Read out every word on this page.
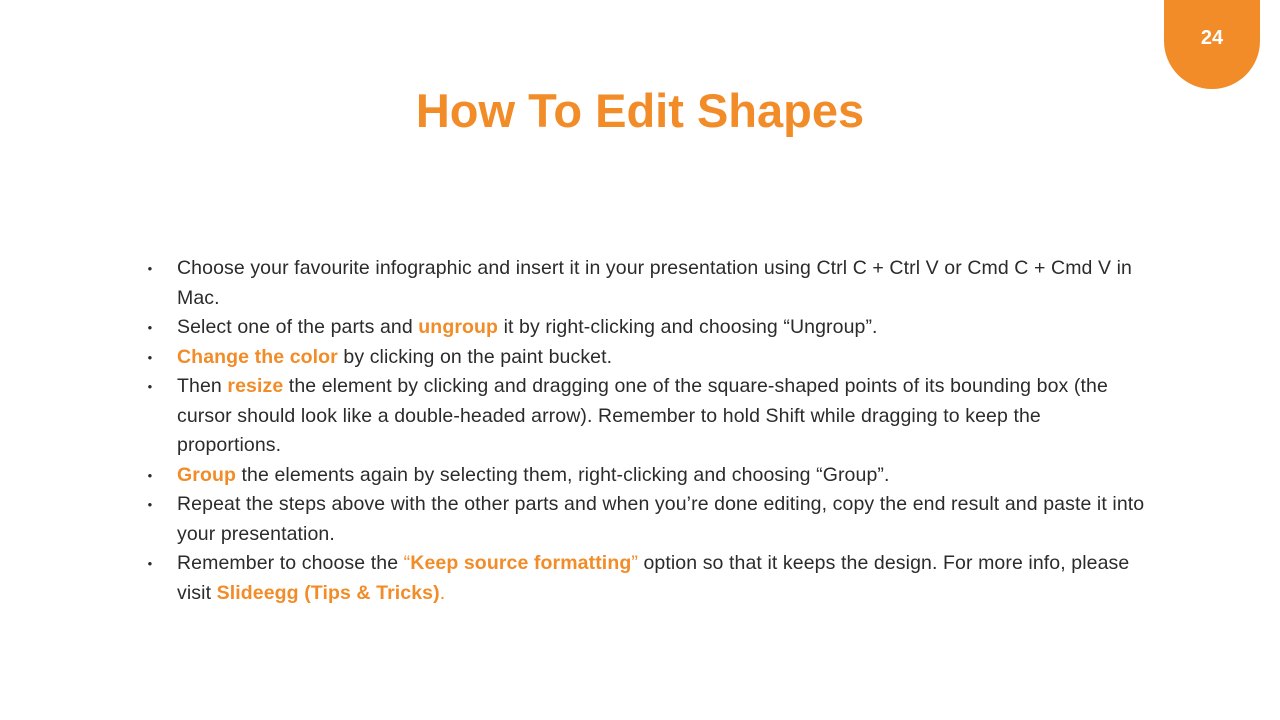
24
How To Edit Shapes
• Choose your favourite infographic and insert it in your presentation using Ctrl C + Ctrl V or Cmd C + Cmd V in Mac.
• Select one of the parts and ungroup it by right-clicking and choosing “Ungroup”.
• Change the color by clicking on the paint bucket.
• Then resize the element by clicking and dragging one of the square-shaped points of its bounding box (the cursor should look like a double-headed arrow). Remember to hold Shift while dragging to keep the proportions.
• Group the elements again by selecting them, right-clicking and choosing “Group”.
• Repeat the steps above with the other parts and when you’re done editing, copy the end result and paste it into your presentation.
• Remember to choose the “Keep source formatting” option so that it keeps the design. For more info, please visit Slideegg (Tips & Tricks).
